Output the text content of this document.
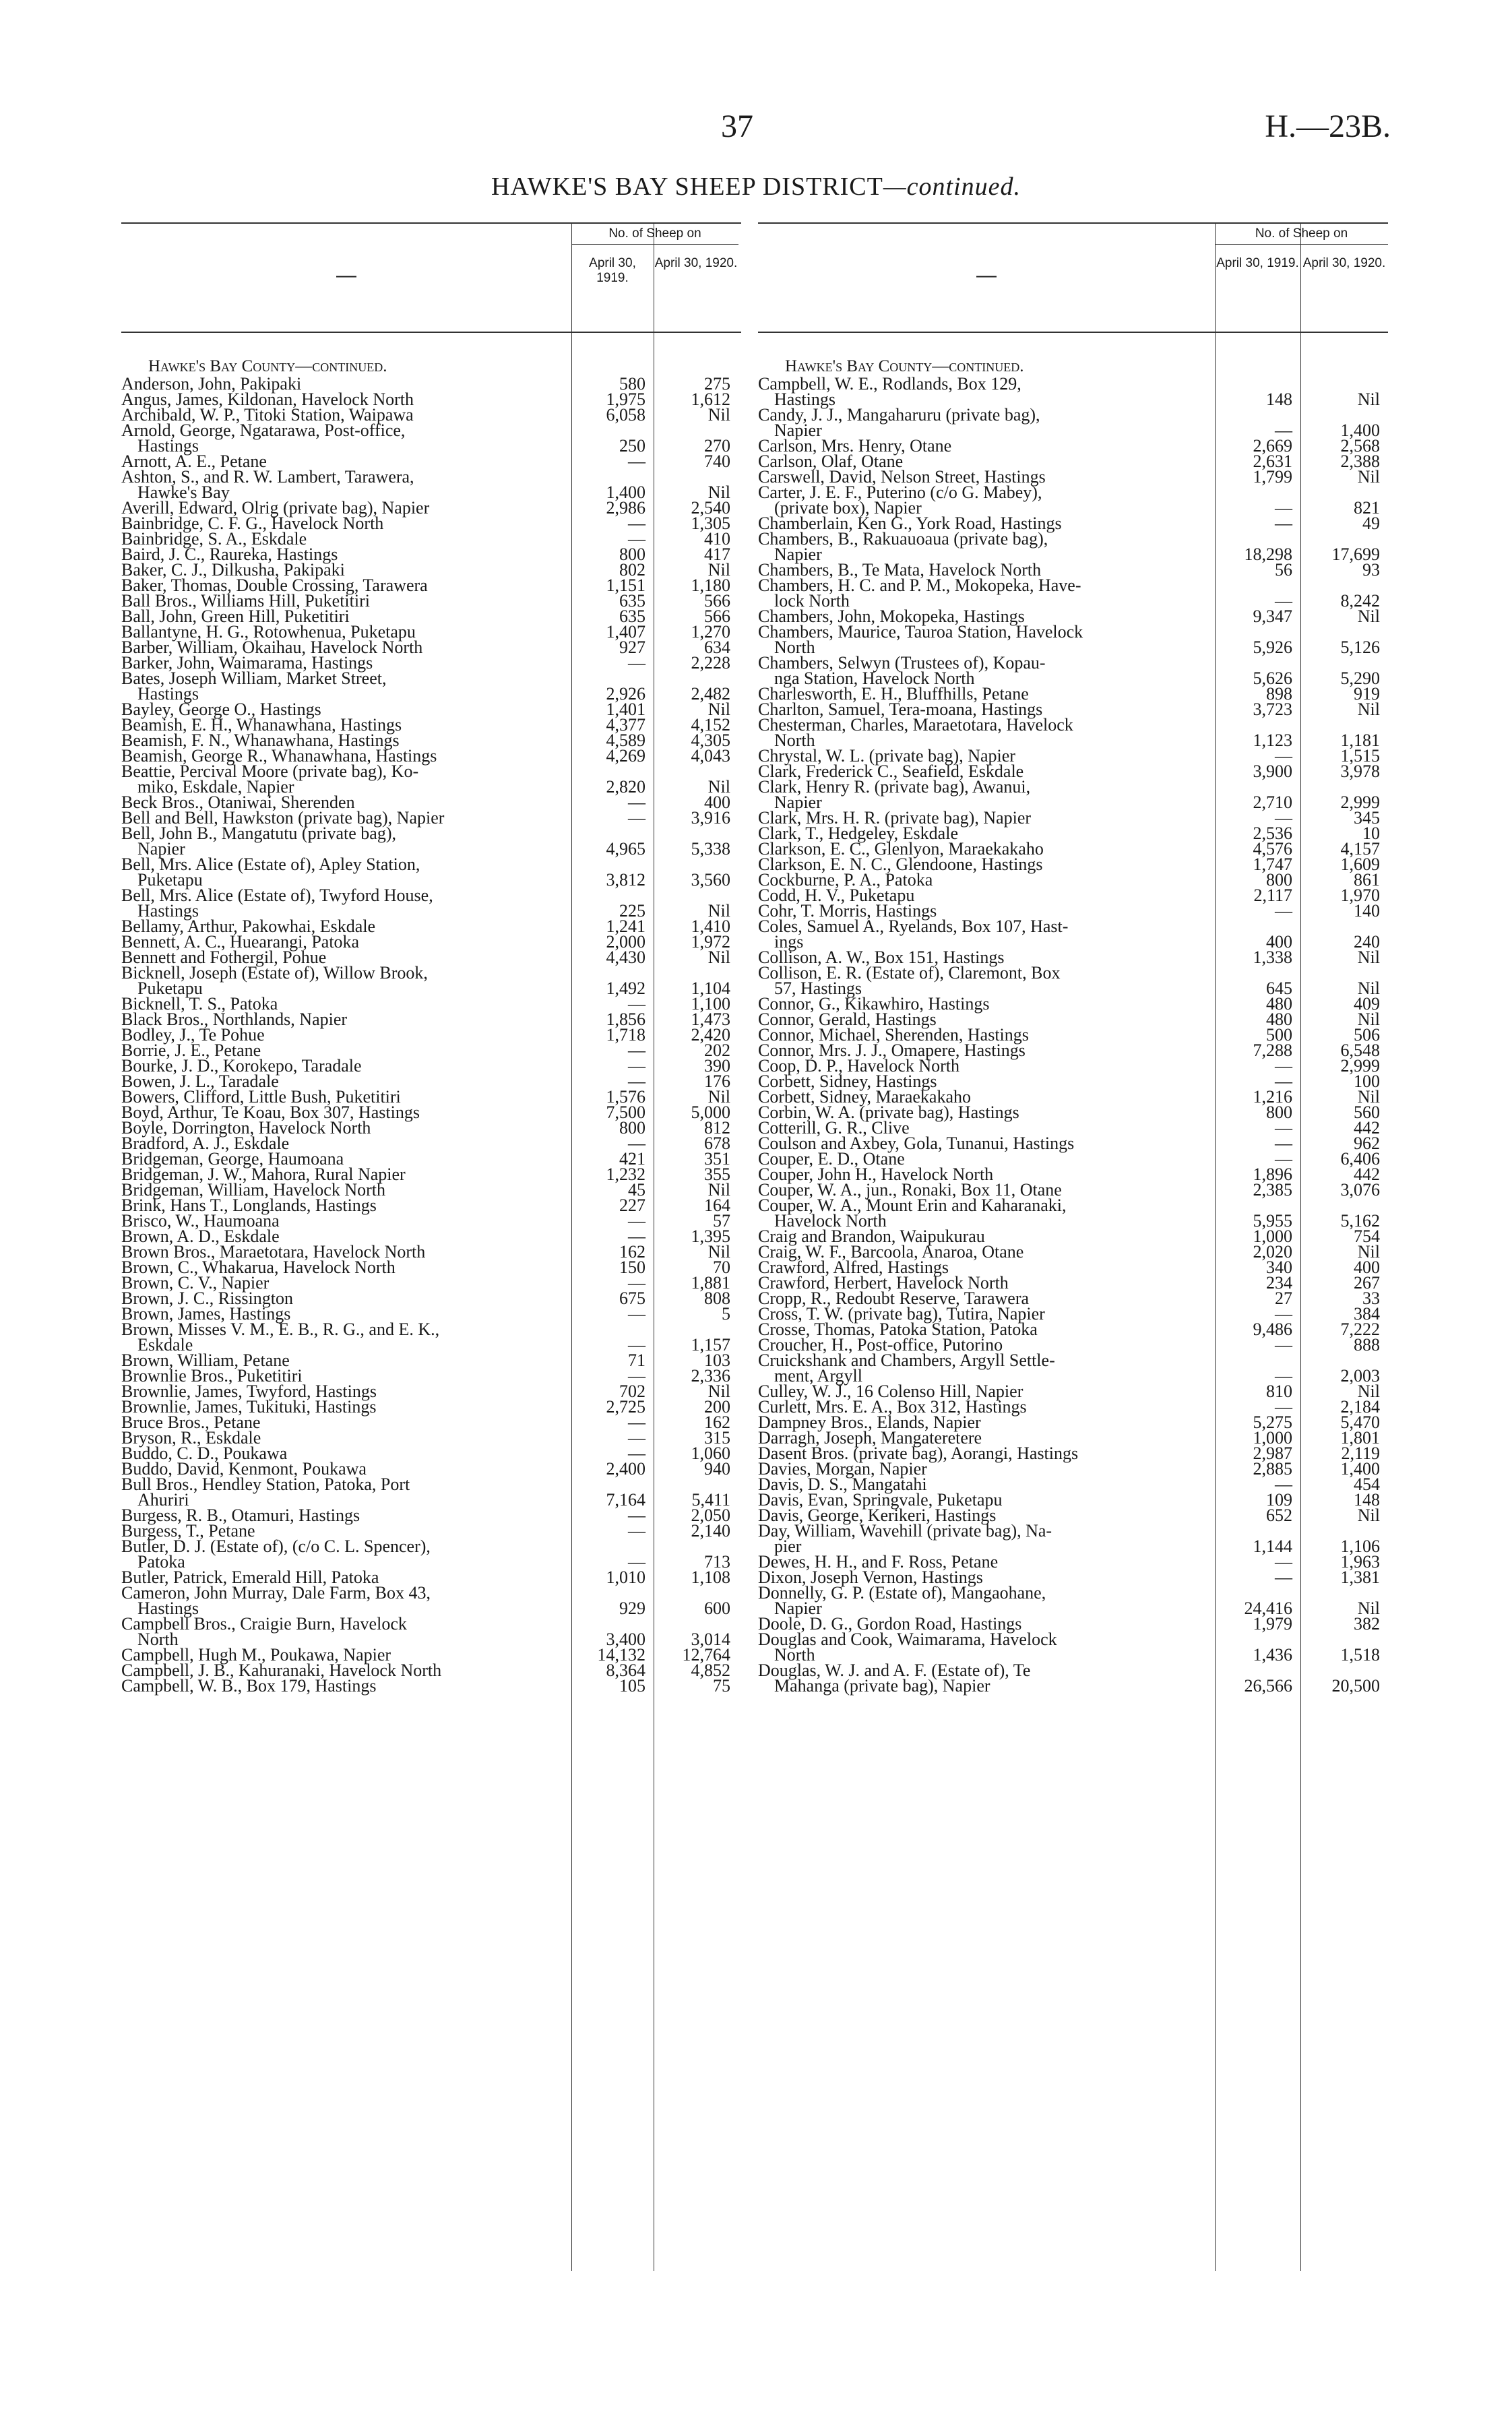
37	H.—23B.
HAWKE'S BAY SHEEP DISTRICT—continued.
—
No. of Sheep on
April 30, 1919.
April 30, 1920.
Hawke's Bay County—continued.
Anderson, John, Pakipaki	580	275
Angus, James, Kildonan, Havelock North	1,975	1,612
Archibald, W. P., Titoki Station, Waipawa	6,058	Nil
Arnold, George, Ngatarawa, Post-office,
Hastings	250	270
Arnott, A. E., Petane	—	740
Ashton, S., and R. W. Lambert, Tarawera,
Hawke's Bay	1,400	Nil
Averill, Edward, Olrig (private bag), Napier	2,986	2,540
Bainbridge, C. F. G., Havelock North	—	1,305
Bainbridge, S. A., Eskdale	—	410
Baird, J. C., Raureka, Hastings	800	417
Baker, C. J., Dilkusha, Pakipaki	802	Nil
Baker, Thomas, Double Crossing, Tarawera	1,151	1,180
Ball Bros., Williams Hill, Puketitiri	635	566
Ball, John, Green Hill, Puketitiri	635	566
Ballantyne, H. G., Rotowhenua, Puketapu	1,407	1,270
Barber, William, Okaihau, Havelock North	927	634
Barker, John, Waimarama, Hastings	—	2,228
Bates, Joseph William, Market Street,
Hastings	2,926	2,482
Bayley, George O., Hastings	1,401	Nil
Beamish, E. H., Whanawhana, Hastings	4,377	4,152
Beamish, F. N., Whanawhana, Hastings	4,589	4,305
Beamish, George R., Whanawhana, Hastings	4,269	4,043
Beattie, Percival Moore (private bag), Ko-
miko, Eskdale, Napier	2,820	Nil
Beck Bros., Otaniwai, Sherenden	—	400
Bell and Bell, Hawkston (private bag), Napier	—	3,916
Bell, John B., Mangatutu (private bag),
Napier	4,965	5,338
Bell, Mrs. Alice (Estate of), Apley Station,
Puketapu	3,812	3,560
Bell, Mrs. Alice (Estate of), Twyford House,
Hastings	225	Nil
Bellamy, Arthur, Pakowhai, Eskdale	1,241	1,410
Bennett, A. C., Huearangi, Patoka	2,000	1,972
Bennett and Fothergil, Pohue	4,430	Nil
Bicknell, Joseph (Estate of), Willow Brook,
Puketapu	1,492	1,104
Bicknell, T. S., Patoka	—	1,100
Black Bros., Northlands, Napier	1,856	1,473
Bodley, J., Te Pohue	1,718	2,420
Borrie, J. E., Petane	—	202
Bourke, J. D., Korokepo, Taradale	—	390
Bowen, J. L., Taradale	—	176
Bowers, Clifford, Little Bush, Puketitiri	1,576	Nil
Boyd, Arthur, Te Koau, Box 307, Hastings	7,500	5,000
Boyle, Dorrington, Havelock North	800	812
Bradford, A. J., Eskdale	—	678
Bridgeman, George, Haumoana	421	351
Bridgeman, J. W., Mahora, Rural Napier	1,232	355
Bridgeman, William, Havelock North	45	Nil
Brink, Hans T., Longlands, Hastings	227	164
Brisco, W., Haumoana	—	57
Brown, A. D., Eskdale	—	1,395
Brown Bros., Maraetotara, Havelock North	162	Nil
Brown, C., Whakarua, Havelock North	150	70
Brown, C. V., Napier	—	1,881
Brown, J. C., Rissington	675	808
Brown, James, Hastings	—	5
Brown, Misses V. M., E. B., R. G., and E. K.,
Eskdale	—	1,157
Brown, William, Petane	71	103
Brownlie Bros., Puketitiri	—	2,336
Brownlie, James, Twyford, Hastings	702	Nil
Brownlie, James, Tukituki, Hastings	2,725	200
Bruce Bros., Petane	—	162
Bryson, R., Eskdale	—	315
Buddo, C. D., Poukawa	—	1,060
Buddo, David, Kenmont, Poukawa	2,400	940
Bull Bros., Hendley Station, Patoka, Port
Ahuriri	7,164	5,411
Burgess, R. B., Otamuri, Hastings	—	2,050
Burgess, T., Petane	—	2,140
Butler, D. J. (Estate of), (c/o C. L. Spencer),
Patoka	—	713
Butler, Patrick, Emerald Hill, Patoka	1,010	1,108
Cameron, John Murray, Dale Farm, Box 43,
Hastings	929	600
Campbell Bros., Craigie Burn, Havelock
North	3,400	3,014
Campbell, Hugh M., Poukawa, Napier	14,132	12,764
Campbell, J. B., Kahuranaki, Havelock North	8,364	4,852
Campbell, W. B., Box 179, Hastings	105	75
—
No. of Sheep on
April 30, 1919. April 30, 1920.
Hawke's Bay County—continued.
Campbell, W. E., Rodlands, Box 129,
Hastings	148	Nil
Candy, J. J., Mangaharuru (private bag),
Napier	—	1,400
Carlson, Mrs. Henry, Otane	2,669	2,568
Carlson, Olaf, Otane	2,631	2,388
Carswell, David, Nelson Street, Hastings	1,799	Nil
Carter, J. E. F., Puterino (c/o G. Mabey),
(private box), Napier	—	821
Chamberlain, Ken G., York Road, Hastings	—	49
Chambers, B., Rakuauoaua (private bag),
Napier	18,298	17,699
Chambers, B., Te Mata, Havelock North	56	93
Chambers, H. C. and P. M., Mokopeka, Have-
lock North	—	8,242
Chambers, John, Mokopeka, Hastings	9,347	Nil
Chambers, Maurice, Tauroa Station, Havelock
North	5,926	5,126
Chambers, Selwyn (Trustees of), Kopau-
nga Station, Havelock North	5,626	5,290
Charlesworth, E. H., Bluffhills, Petane	898	919
Charlton, Samuel, Tera-moana, Hastings	3,723	Nil
Chesterman, Charles, Maraetotara, Havelock
North	1,123	1,181
Chrystal, W. L. (private bag), Napier	—	1,515
Clark, Frederick C., Seafield, Eskdale	3,900	3,978
Clark, Henry R. (private bag), Awanui,
Napier	2,710	2,999
Clark, Mrs. H. R. (private bag), Napier	—	345
Clark, T., Hedgeley, Eskdale	2,536	10
Clarkson, E. C., Glenlyon, Maraekakaho	4,576	4,157
Clarkson, E. N. C., Glendoone, Hastings	1,747	1,609
Cockburne, P. A., Patoka	800	861
Codd, H. V., Puketapu	2,117	1,970
Cohr, T. Morris, Hastings	—	140
Coles, Samuel A., Ryelands, Box 107, Hast-
ings	400	240
Collison, A. W., Box 151, Hastings	1,338	Nil
Collison, E. R. (Estate of), Claremont, Box
57, Hastings	645	Nil
Connor, G., Kikawhiro, Hastings	480	409
Connor, Gerald, Hastings	480	Nil
Connor, Michael, Sherenden, Hastings	500	506
Connor, Mrs. J. J., Omapere, Hastings	7,288	6,548
Coop, D. P., Havelock North	—	2,999
Corbett, Sidney, Hastings	—	100
Corbett, Sidney, Maraekakaho	1,216	Nil
Corbin, W. A. (private bag), Hastings	800	560
Cotterill, G. R., Clive	—	442
Coulson and Axbey, Gola, Tunanui, Hastings	—	962
Couper, E. D., Otane	—	6,406
Couper, John H., Havelock North	1,896	442
Couper, W. A., jun., Ronaki, Box 11, Otane	2,385	3,076
Couper, W. A., Mount Erin and Kaharanaki,
Havelock North	5,955	5,162
Craig and Brandon, Waipukurau	1,000	754
Craig, W. F., Barcoola, Anaroa, Otane	2,020	Nil
Crawford, Alfred, Hastings	340	400
Crawford, Herbert, Havelock North	234	267
Cropp, R., Redoubt Reserve, Tarawera	27	33
Cross, T. W. (private bag), Tutira, Napier	—	384
Crosse, Thomas, Patoka Station, Patoka	9,486	7,222
Croucher, H., Post-office, Putorino	—	888
Cruickshank and Chambers, Argyll Settle-
ment, Argyll	—	2,003
Culley, W. J., 16 Colenso Hill, Napier	810	Nil
Curlett, Mrs. E. A., Box 312, Hastings	—	2,184
Dampney Bros., Elands, Napier	5,275	5,470
Darragh, Joseph, Mangateretere	1,000	1,801
Dasent Bros. (private bag), Aorangi, Hastings	2,987	2,119
Davies, Morgan, Napier	2,885	1,400
Davis, D. S., Mangatahi	—	454
Davis, Evan, Springvale, Puketapu	109	148
Davis, George, Kerikeri, Hastings	652	Nil
Day, William, Wavehill (private bag), Na-
pier	1,144	1,106
Dewes, H. H., and F. Ross, Petane	—	1,963
Dixon, Joseph Vernon, Hastings	—	1,381
Donnelly, G. P. (Estate of), Mangaohane,
Napier	24,416	Nil
Doole, D. G., Gordon Road, Hastings	1,979	382
Douglas and Cook, Waimarama, Havelock
North	1,436	1,518
Douglas, W. J. and A. F. (Estate of), Te
Mahanga (private bag), Napier	26,566	20,500
